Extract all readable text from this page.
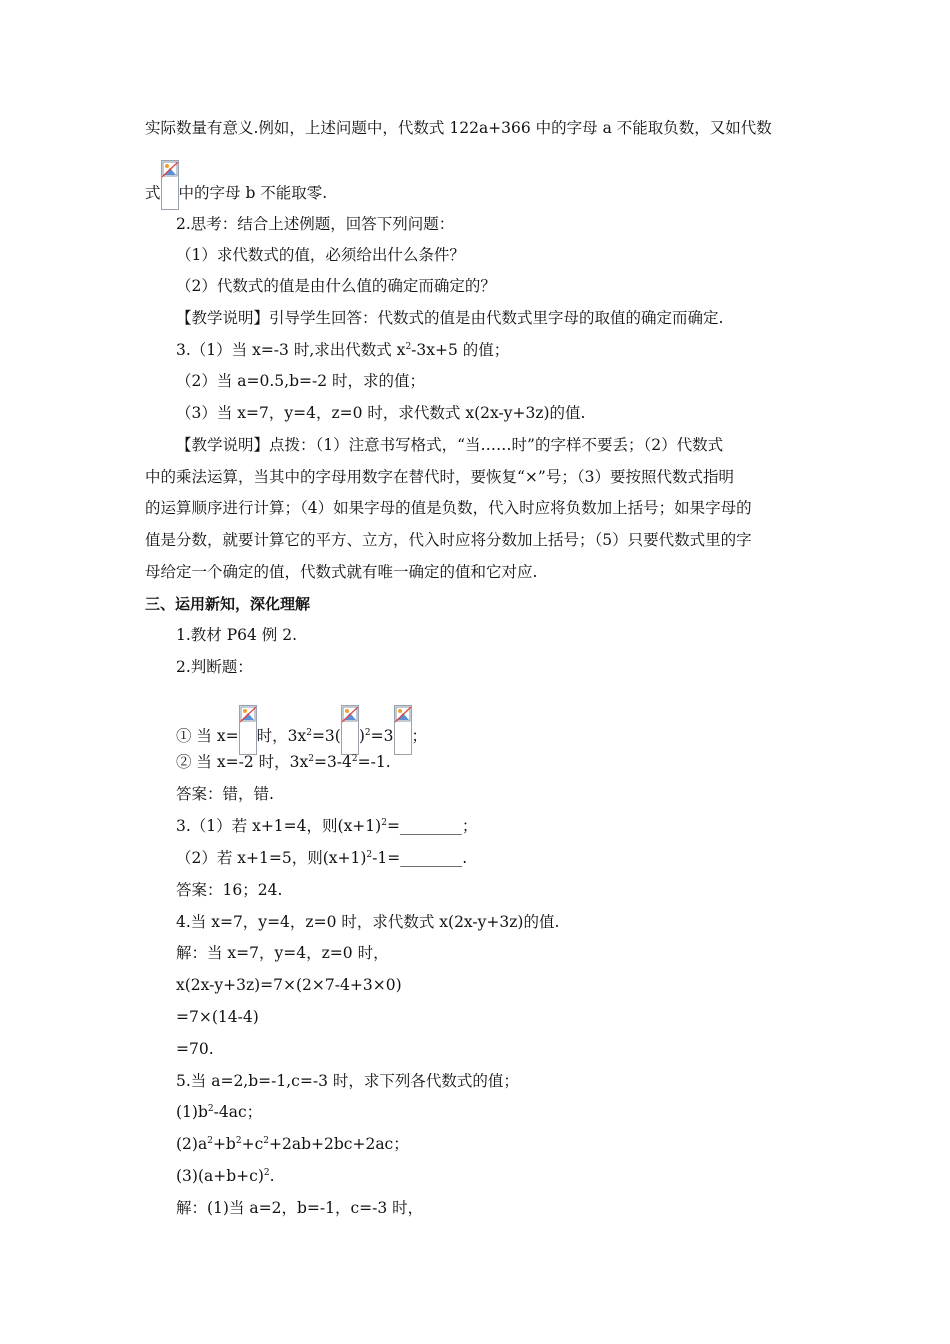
实际数量有意义.例如，上述问题中，代数式 122a+366 中的字母 a 不能取负数，又如代数
式 中的字母 b 不能取零.
2.思考：结合上述例题，回答下列问题：
（1）求代数式的值，必须给出什么条件？
（2）代数式的值是由什么值的确定而确定的？
【教学说明】引导学生回答：代数式的值是由代数式里字母的取值的确定而确定.
3.（1）当 x=-3 时,求出代数式 $x^2-3x+5$ 的值；
（2）当 a=0.5,b=-2 时，求的值；
（3）当 x=7，y=4，z=0 时，求代数式 x(2x-y+3z)的值.
【教学说明】点拨：（1）注意书写格式，“当……时”的字样不要丢；（2）代数式
中的乘法运算，当其中的字母用数字在替代时，要恢复“×”号；（3）要按照代数式指明
的运算顺序进行计算；（4）如果字母的值是负数，代入时应将负数加上括号；如果字母的
值是分数，就要计算它的平方、立方，代入时应将分数加上括号；（5）只要代数式里的字
母给定一个确定的值，代数式就有唯一确定的值和它对应.
三、运用新知，深化理解
1.教材 P64 例 2.
2.判断题：
① 当 x= 时，$3x^2=3$( )$^2$=3 ；
② 当 x=-2 时，$3x^2=3-4^2=-1$.
答案：错，错.
3.（1）若 x+1=4，则$(x+1)^2=\_\_\_\_\_\_\_\_$；
（2）若 x+1=5，则$(x+1)^2-1=\_\_\_\_\_\_\_\_$.
答案：16；24.
4.当 x=7，y=4，z=0 时，求代数式 x(2x-y+3z)的值.
解：当 x=7，y=4，z=0 时，
x(2x-y+3z)=7×(2×7-4+3×0)
=7×(14-4)
=70.
5.当 a=2,b=-1,c=-3 时，求下列各代数式的值；
$(1)b^2-4ac$；
$(2)a^2+b^2+c^2+2ab+2bc+2ac$；
$(3)(a+b+c)^2$.
解：(1)当 a=2，b=-1，c=-3 时，
